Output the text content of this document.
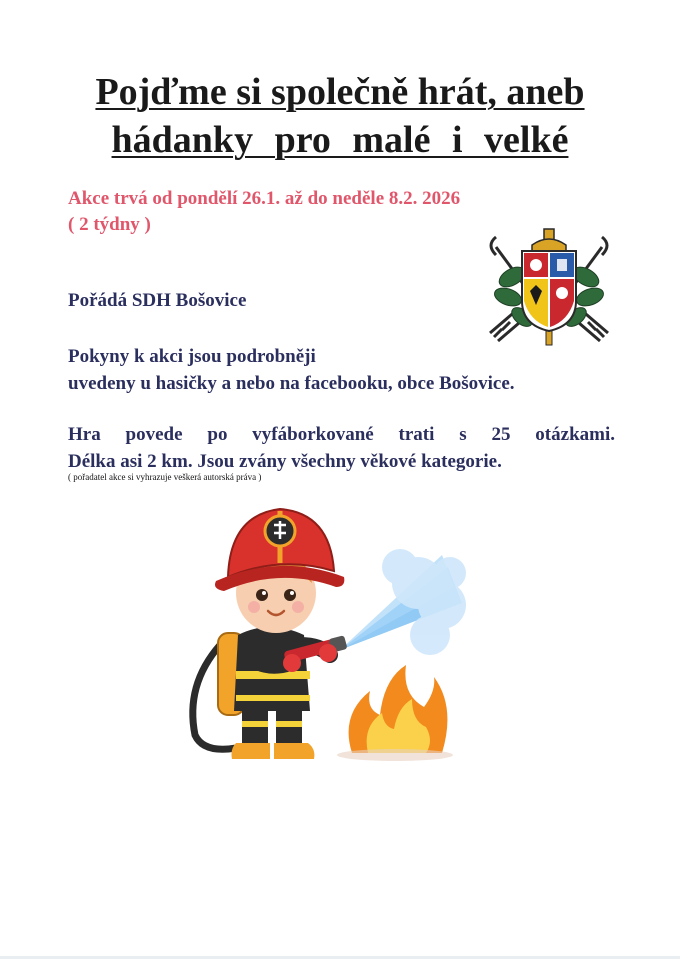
Pojďme si společně hrát, aneb
hádanky pro malé i velké

Akce trvá od pondělí 26.1. až do neděle 8.2. 2026
( 2 týdny )

Pořádá SDH Bošovice

Pokyny k akci jsou podrobněji
uvedeny u hasičky a nebo na facebooku, obce Bošovice.

Hra povede po vyfáborkované trati s 25 otázkami.
Délka asi 2 km. Jsou zvány všechny věkové kategorie.

( pořadatel akce si vyhrazuje veškerá autorská práva )
